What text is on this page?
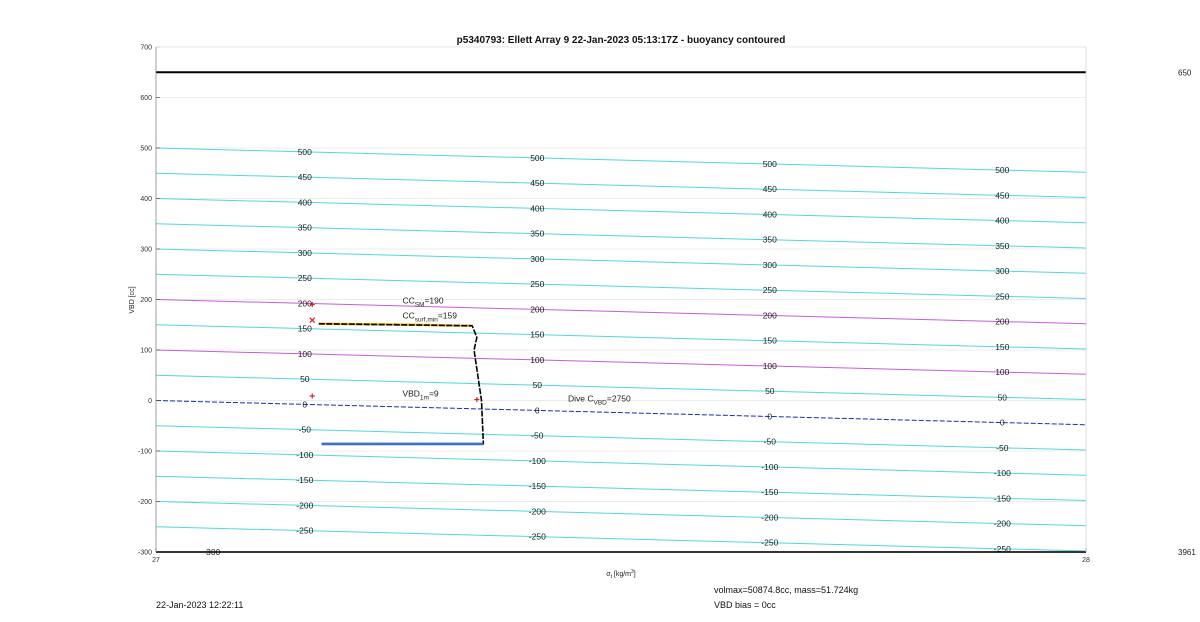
650
3961
-300
-200
-100
0
100
200
300
400
500
600
700
27	28
-250
-250
-250
-250
-200
-200
-200
-200
-150
-150
-150
-150
-100
-100
-100
-100
-50
-50
-50
-50
0
0
0
0
50
50
50
50
100
100
100
100
150
150
150
150
200
200
200
200
250
250
250
250
300
300
300
300
350
350
350
350
400
400
400
400
450
450
450
450
500
500
500
500
-300
$CC_{SM}=190$
$CC_{surf,min}=159$
$VBD_{1m}=9$
Dive $C_{VBD}=2750$
p5340793: Ellett Array 9 22-Jan-2023 05:13:17Z - buoyancy contoured
VBD [cc]
$\sigma_t$ $[kg/m^3]$
22-Jan-2023 12:22:11
volmax=50874.8cc, mass=51.724kg
VBD bias = 0cc
